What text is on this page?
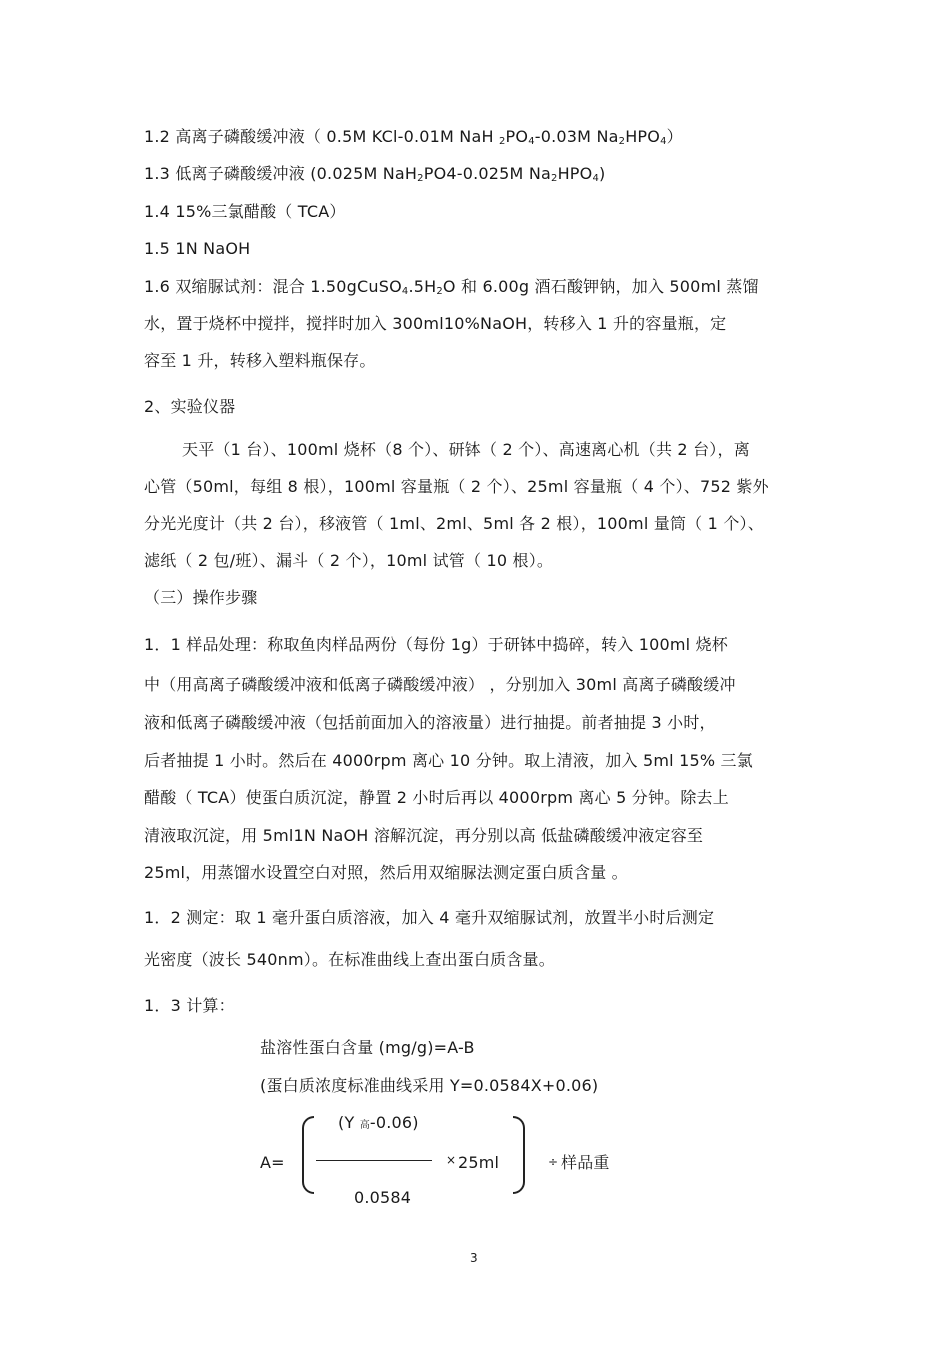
1.2 高离子磷酸缓冲液（ 0.5M KCl-0.01M NaH $_2PO_4-0.03M$ $Na_2HPO_4$）
1.3 低离子磷酸缓冲液 (0.025M NaH$_2$PO4-0.025M $Na_2HPO_4$)
1.4 15%三氯醋酸（ TCA）
1.5 1N NaOH
1.6 双缩脲试剂：混合 $1.50gCuSO_4.5H_2O$ 和 6.00g 酒石酸钾钠，加入 500ml 蒸馏
水，置于烧杯中搅拌，搅拌时加入 300ml10%NaOH，转移入 1 升的容量瓶，定
容至 1 升，转移入塑料瓶保存。
2、实验仪器
天平（1 台）、100ml 烧杯（8 个）、研钵（ 2 个）、高速离心机（共 2 台），离
心管（50ml，每组 8 根），100ml 容量瓶（ 2 个）、25ml 容量瓶（ 4 个）、752 紫外
分光光度计（共 2 台），移液管（ 1ml、2ml、5ml 各 2 根），100ml 量筒（ 1 个）、
滤纸（ 2 包/班）、漏斗（ 2 个），10ml 试管（ 10 根）。
（三）操作步骤
1．1 样品处理：称取鱼肉样品两份（每份 1g）于研钵中捣碎，转入 100ml 烧杯
中（用高离子磷酸缓冲液和低离子磷酸缓冲液） ，分别加入 30ml 高离子磷酸缓冲
液和低离子磷酸缓冲液（包括前面加入的溶液量）进行抽提。前者抽提 3 小时，
后者抽提 1 小时。然后在 4000rpm 离心 10 分钟。取上清液，加入 5ml 15% 三氯
醋酸（ TCA）使蛋白质沉淀，静置 2 小时后再以 4000rpm 离心 5 分钟。除去上
清液取沉淀，用 5ml1N NaOH 溶解沉淀，再分别以高 低盐磷酸缓冲液定容至
25ml，用蒸馏水设置空白对照，然后用双缩脲法测定蛋白质含量 。
1．2 测定：取 1 毫升蛋白质溶液，加入 4 毫升双缩脲试剂，放置半小时后测定
光密度（波长 540nm）。在标准曲线上查出蛋白质含量。
1．3 计算：
盐溶性蛋白含量 (mg/g)=A-B
(蛋白质浓度标准曲线采用 Y=0.0584X+0.06)
(Y 高-0.06)
A=	× 25ml	÷ 样品重
0.0584
3
